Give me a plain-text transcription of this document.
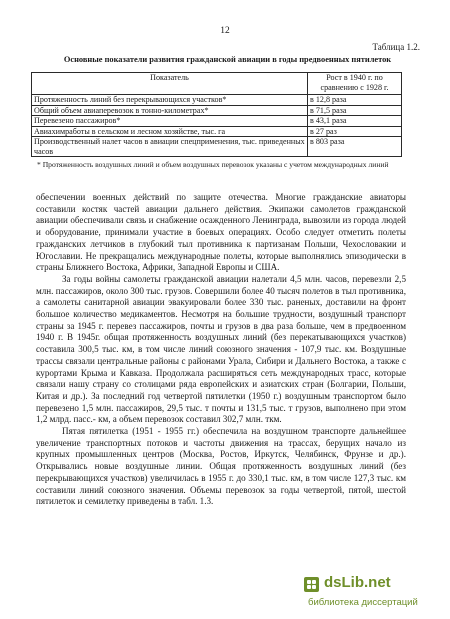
12
Таблица 1.2.
Основные показатели развития гражданской авиации в годы предвоенных пятилеток
Показатель	Рост в 1940 г. по сравнению с 1928 г.
Протяженность линий без перекрывающихся участков*	в 12,8 раза
Общий объем авиаперевозок в тонно-километрах*	в 71,5 раза
Перевезено пассажиров*	в 43,1 раза
Авиахимработы в сельском и лесном хозяйстве, тыс. га	в 27 раз
Производственный налет часов в авиации спецприменения, тыс. приведенных часов	в 803 раза
* Протяженность воздушных линий и объем воздушных перевозок указаны с учетом международных линий

обеспечении военных действий по защите отечества. Многие гражданские авиаторы составили костяк частей авиации дальнего действия. Экипажи самолетов гражданской авиации обеспечивали связь и снабжение осажденного Ленинграда, вывозили из города людей и оборудование, принимали участие в боевых операциях. Особо следует отметить полеты гражданских летчиков в глубокий тыл противника к партизанам Польши, Чехословакии и Югославии. Не прекращались международные полеты, которые выполнялись эпизодически в страны Ближнего Востока, Африки, Западной Европы и США.

За годы войны самолеты гражданской авиации налетали 4,5 млн. часов, перевезли 2,5 млн. пассажиров, около 300 тыс. грузов. Совершили более 40 тысяч полетов в тыл противника, а самолеты санитарной авиации эвакуировали более 330 тыс. раненых, доставили на фронт большое количество медикаментов. Несмотря на большие трудности, воздушный транспорт страны за 1945 г. перевез пассажиров, почты и грузов в два раза больше, чем в предвоенном 1940 г. В 1945г. общая протяженность воздушных линий (без перекатывающихся участков) составила 300,5 тыс. км, в том числе линий союзного значения - 107,9 тыс. км. Воздушные трассы связали центральные районы с районами Урала, Сибири и Дальнего Востока, а также с курортами Крыма и Кавказа. Продолжала расширяться сеть международных трасс, которые связали нашу страну со столицами ряда европейских и азиатских стран (Болгарии, Польши, Китая и др.). За последний год четвертой пятилетки (1950 г.) воздушным транспортом было перевезено 1,5 млн. пассажиров, 29,5 тыс. т почты и 131,5 тыс. т грузов, выполнено при этом 1,2 млрд. пасс.- км, а объем перевозок составил 302,7 млн. ткм.

Пятая пятилетка (1951 - 1955 гг.) обеспечила на воздушном транспорте дальнейшее увеличение транспортных потоков и частоты движения на трассах, берущих начало из крупных промышленных центров (Москва, Ростов, Иркутск, Челябинск, Фрунзе и др.). Открывались новые воздушные линии. Общая протяженность воздушных линий (без перекрывающихся участков) увеличилась в 1955 г. до 330,1 тыс. км, в том числе 127,3 тыс. км составили линий союзного значения. Объемы перевозок за годы четвертой, пятой, шестой пятилеток и семилетку приведены в табл. 1.3.

dsLib.net
библиотека диссертаций
